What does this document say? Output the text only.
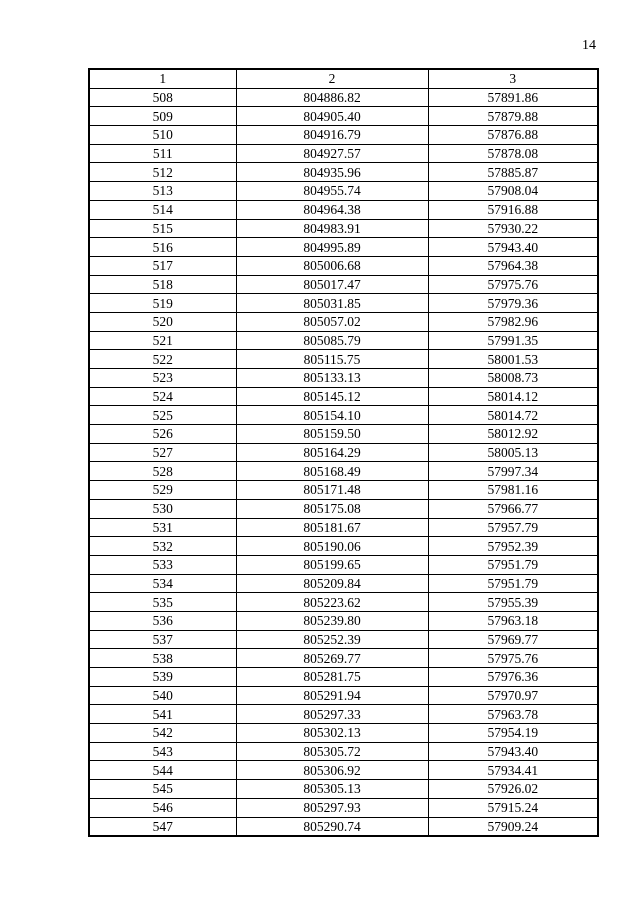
14
1	2	3
508	804886.82	57891.86
509	804905.40	57879.88
510	804916.79	57876.88
511	804927.57	57878.08
512	804935.96	57885.87
513	804955.74	57908.04
514	804964.38	57916.88
515	804983.91	57930.22
516	804995.89	57943.40
517	805006.68	57964.38
518	805017.47	57975.76
519	805031.85	57979.36
520	805057.02	57982.96
521	805085.79	57991.35
522	805115.75	58001.53
523	805133.13	58008.73
524	805145.12	58014.12
525	805154.10	58014.72
526	805159.50	58012.92
527	805164.29	58005.13
528	805168.49	57997.34
529	805171.48	57981.16
530	805175.08	57966.77
531	805181.67	57957.79
532	805190.06	57952.39
533	805199.65	57951.79
534	805209.84	57951.79
535	805223.62	57955.39
536	805239.80	57963.18
537	805252.39	57969.77
538	805269.77	57975.76
539	805281.75	57976.36
540	805291.94	57970.97
541	805297.33	57963.78
542	805302.13	57954.19
543	805305.72	57943.40
544	805306.92	57934.41
545	805305.13	57926.02
546	805297.93	57915.24
547	805290.74	57909.24
